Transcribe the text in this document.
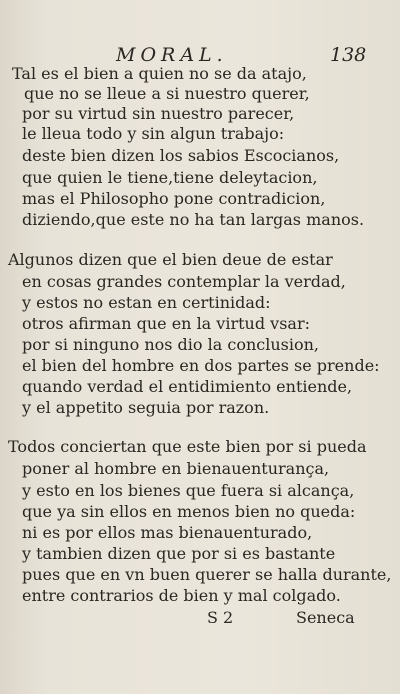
MORAL.	138
Tal es el bien a quien no se da atajo,
que no se lleue a si nuestro querer,
por su virtud sin nuestro parecer,
le lleua todo y sin algun trabajo:
deste bien dizen los sabios Escocianos,
que quien le tiene,tiene deleytacion,
mas el Philosopho pone contradicion,
diziendo,que este no ha tan largas manos.
Algunos dizen que el bien deue de estar
en cosas grandes contemplar la verdad,
y estos no estan en certinidad:
otros afirman que en la virtud vsar:
por si ninguno nos dio la conclusion,
el bien del hombre en dos partes se prende:
quando verdad el entidimiento entiende,
y el appetito seguia por razon.
Todos conciertan que este bien por si pueda
poner al hombre en bienauenturança,
y esto en los bienes que fuera si alcança,
que ya sin ellos en menos bien no queda:
ni es por ellos mas bienauenturado,
y tambien dizen que por si es bastante
pues que en vn buen querer se halla durante,
entre contrarios de bien y mal colgado.
S 2	Seneca
